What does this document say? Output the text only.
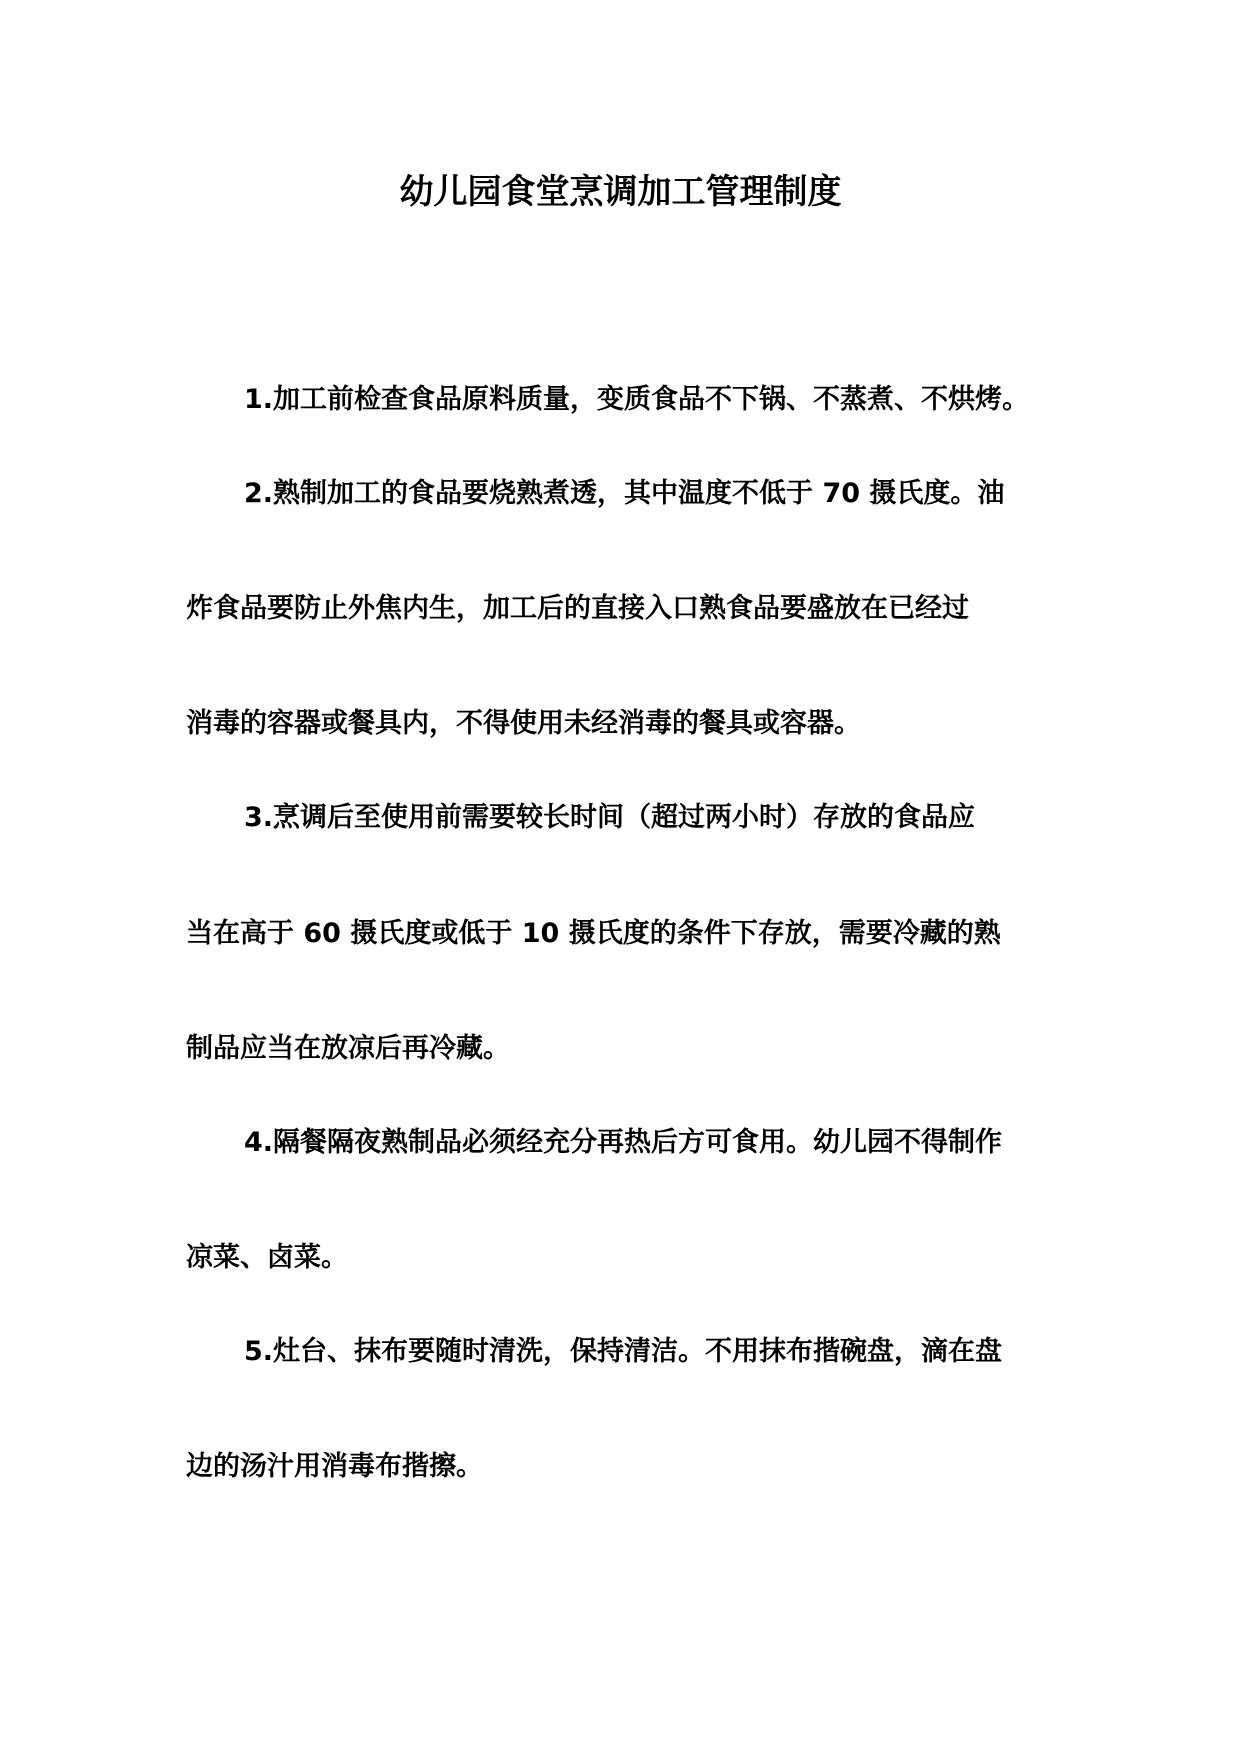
幼儿园食堂烹调加工管理制度
1.加工前检查食品原料质量，变质食品不下锅、不蒸煮、不烘烤。
2.熟制加工的食品要烧熟煮透，其中温度不低于 70 摄氏度。油
炸食品要防止外焦内生，加工后的直接入口熟食品要盛放在已经过
消毒的容器或餐具内，不得使用未经消毒的餐具或容器。
3.烹调后至使用前需要较长时间（超过两小时）存放的食品应
当在高于 60 摄氏度或低于 10 摄氏度的条件下存放，需要冷藏的熟
制品应当在放凉后再冷藏。
4.隔餐隔夜熟制品必须经充分再热后方可食用。幼儿园不得制作
凉菜、卤菜。
5.灶台、抹布要随时清洗，保持清洁。不用抹布揩碗盘，滴在盘
边的汤汁用消毒布揩擦。
